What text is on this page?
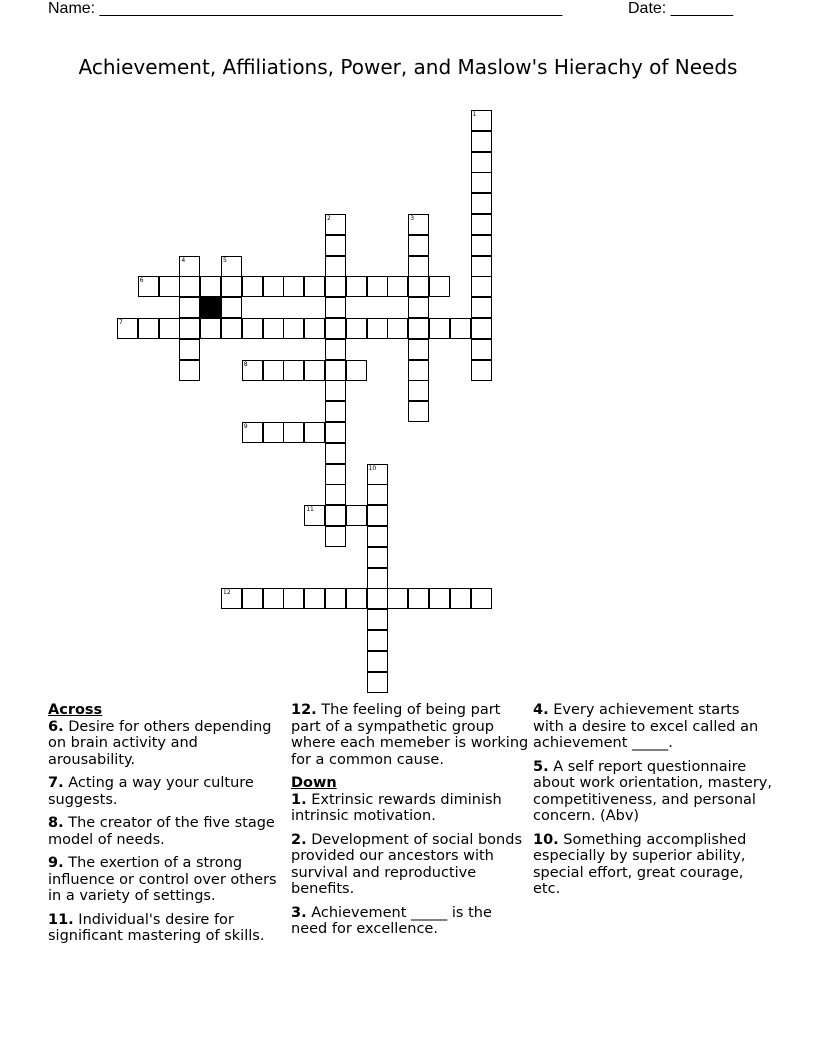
Name: ____________________________________________________	Date: _______
Achievement, Affiliations, Power, and Maslow's Hierachy of Needs
1
2	3
4	5
6
7
8
9
10
11
12
Across
6. Desire for others depending on brain activity and arousability.
7. Acting a way your culture suggests.
8. The creator of the five stage model of needs.
9. The exertion of a strong influence or control over others in a variety of settings.
11. Individual's desire for significant mastering of skills.
12. The feeling of being part part of a sympathetic group where each memeber is working for a common cause.
Down
1. Extrinsic rewards diminish intrinsic motivation.
2. Development of social bonds provided our ancestors with survival and reproductive benefits.
3. Achievement _____ is the need for excellence.
4. Every achievement starts with a desire to excel called an achievement _____.
5. A self report questionnaire about work orientation, mastery, competitiveness, and personal concern. (Abv)
10. Something accomplished especially by superior ability, special effort, great courage, etc.
